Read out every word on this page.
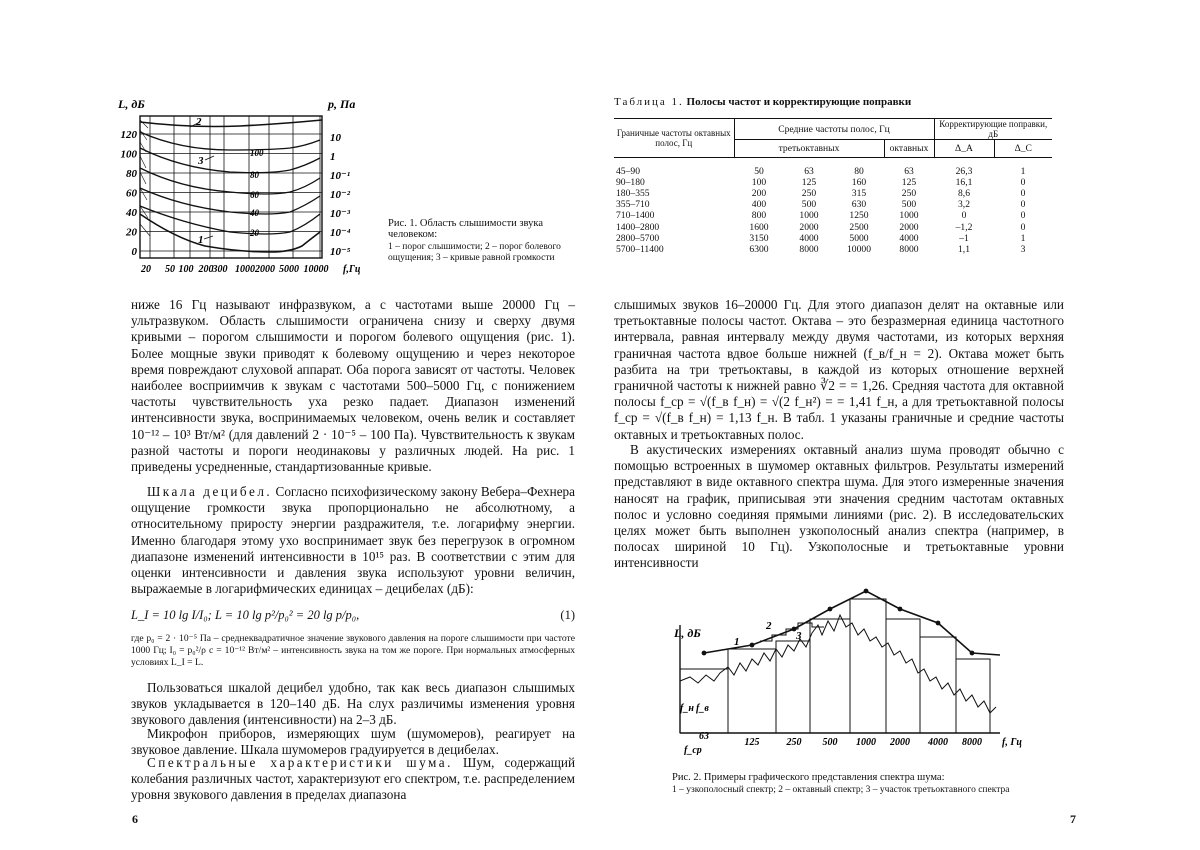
L, дБ	p, Па
120
100
80
60
40
20
0
10
1
10⁻¹
10⁻²
10⁻³
10⁻⁴
10⁻⁵
20 50 100 200 300 1000 2000 5000 10000 f,Гц
100
80
60
40
20
2
3
1
Рис. 1. Область слышимости звука человеком:
1 – порог слышимости; 2 – порог болевого ощущения; 3 – кривые равной громкости

ниже 16 Гц называют инфразвуком, а с частотами выше 20000 Гц – ультразвуком. Область слышимости ограничена снизу и сверху двумя кривыми – порогом слышимости и порогом болевого ощущения (рис. 1). Более мощные звуки приводят к болевому ощущению и через некоторое время повреждают слуховой аппарат. Оба порога зависят от частоты. Человек наиболее восприимчив к звукам с частотами 500–5000 Гц, с понижением частоты чувствительность уха резко падает. Диапазон изменений интенсивности звука, воспринимаемых человеком, очень велик и составляет 10⁻¹² – 10³ Вт/м² (для давлений 2 · 10⁻⁵ – 100 Па). Чувствительность к звукам разной частоты и пороги неодинаковы у различных людей. На рис. 1 приведены усредненные, стандартизованные кривые.

Шкала децибел. Согласно психофизическому закону Вебера–Фехнера ощущение громкости звука пропорционально не абсолютному, а относительному приросту энергии раздражителя, т.е. логарифму энергии. Именно благодаря этому ухо воспринимает звук без перегрузок в огромном диапазоне изменений интенсивности в 10¹⁵ раз. В соответствии с этим для оценки интенсивности и давления звука используют уровни величин, выражаемые в логарифмических единицах – децибелах (дБ):

L_I = 10 lg I/I₀; L = 10 lg p²/p₀² = 20 lg p/p₀,	(1)

где p₀ = 2 · 10⁻⁵ Па – среднеквадратичное значение звукового давления на пороге слышимости при частоте 1000 Гц; I₀ = p₀²/ρ c = 10⁻¹² Вт/м² – интенсивность звука на том же пороге. При нормальных атмосферных условиях L_I = L.

Пользоваться шкалой децибел удобно, так как весь диапазон слышимых звуков укладывается в 120–140 дБ. На слух различимы изменения уровня звукового давления (интенсивности) на 2–3 дБ.

Микрофон приборов, измеряющих шум (шумомеров), реагирует на звуковое давление. Шкала шумомеров градуируется в децибелах.

Спектральные характеристики шума. Шум, содержащий колебания различных частот, характеризуют его спектром, т.е. распределением уровня звукового давления в пределах диапазона

6
Таблица 1. Полосы частот и корректирующие поправки
Граничные частоты октавных полос, Гц	Средние частоты полос, Гц				Корректирующие поправки, дБ	
	третьоктавных			октавных	Δ_A	Δ_C

45–90	50	63	80	63	26,3	1
90–180	100	125	160	125	16,1	0
180–355	200	250	315	250	8,6	0
355–710	400	500	630	500	3,2	0
710–1400	800	1000	1250	1000	0	0
1400–2800	1600	2000	2500	2000	–1,2	0
2800–5700	3150	4000	5000	4000	–1	1
5700–11400	6300	8000	10000	8000	1,1	3

слышимых звуков 16–20000 Гц. Для этого диапазон делят на октавные или третьоктавные полосы частот. Октава – это безразмерная единица частотного интервала, равная интервалу между двумя частотами, из которых верхняя граничная частота вдвое больше нижней (f_в/f_н = 2). Октава может быть разбита на три третьоктавы, в каждой из которых отношение верхней граничной частоты к нижней равно ∛2 = = 1,26. Средняя частота для октавной полосы f_ср = √(f_в f_н) = √(2 f_н²) = = 1,41 f_н, а для третьоктавной полосы f_ср = √(f_в f_н) = 1,13 f_н. В табл. 1 указаны граничные и средние частоты октавных и третьоктавных полос.

В акустических измерениях октавный анализ шума проводят обычно с помощью встроенных в шумомер октавных фильтров. Результаты измерений представляют в виде октавного спектра шума. Для этого измеренные значения наносят на график, приписывая эти значения средним частотам октавных полос и условно соединяя прямыми линиями (рис. 2). В исследовательских целях может быть выполнен узкополосный анализ спектра (например, в полосах шириной 10 Гц). Узкополосные и третьоктавные уровни интенсивности

L, дБ
1
2
3
f_н f_в
f_ср
63
125	250 500 1000 2000 4000 8000 f, Гц
Рис. 2. Примеры графического представления спектра шума:
1 – узкополосный спектр; 2 – октавный спектр; 3 – участок третьоктавного спектра
7
